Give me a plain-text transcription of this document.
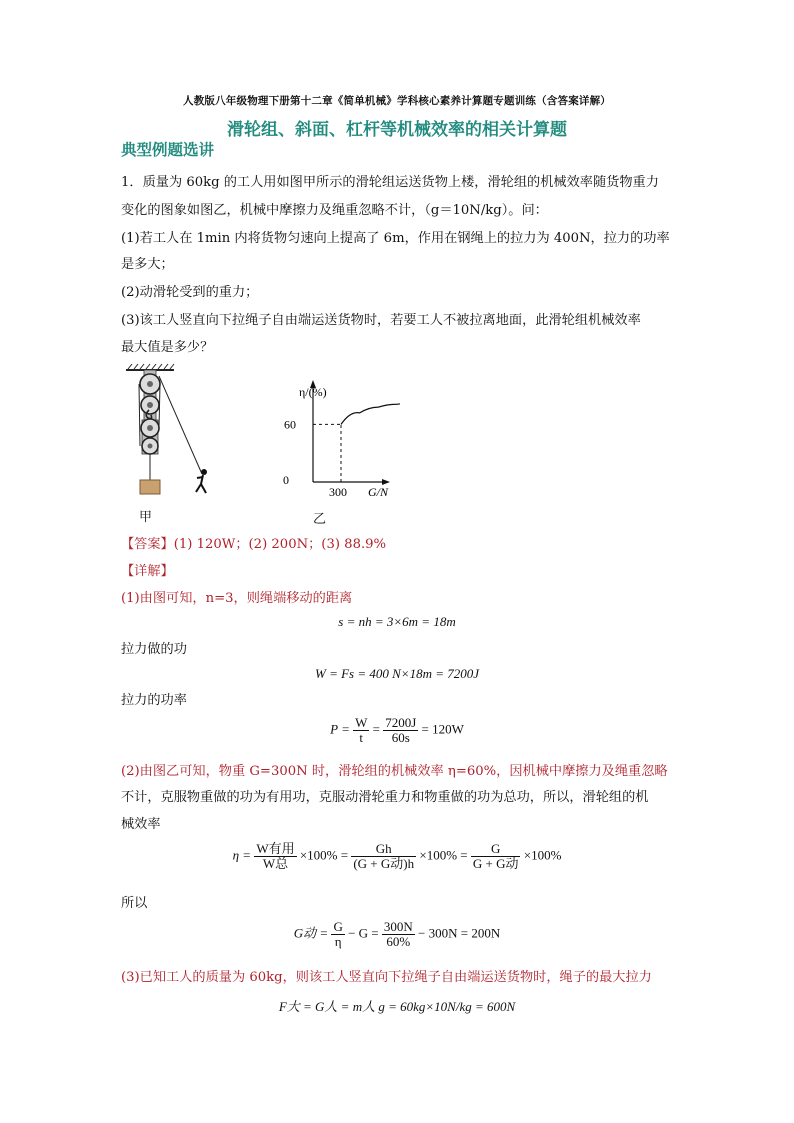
人教版八年级物理下册第十二章《简单机械》学科核心素养计算题专题训练（含答案详解）
滑轮组、斜面、杠杆等机械效率的相关计算题
典型例题选讲
1．质量为 60kg 的工人用如图甲所示的滑轮组运送货物上楼，滑轮组的机械效率随货物重力
变化的图象如图乙，机械中摩擦力及绳重忽略不计，（g＝10N/kg）。问：
(1)若工人在 1min 内将货物匀速向上提高了 6m，作用在钢绳上的拉力为 400N，拉力的功率
是多大；
(2)动滑轮受到的重力；
(3)该工人竖直向下拉绳子自由端运送货物时，若要工人不被拉离地面，此滑轮组机械效率
最大值是多少？
甲
η/(%)
G/N
0
60
300
乙
【答案】(1) 120W；(2) 200N；(3) 88.9%
【详解】
(1)由图可知，n=3，则绳端移动的距离
s = nh = 3×6m = 18m
拉力做的功
W = Fs = 400 N×18m = 7200J
拉力的功率
$P = \frac{W}{t} = \frac{7200J}{60s} = 120W$
(2)由图乙可知，物重 G=300N 时，滑轮组的机械效率 η=60%，因机械中摩擦力及绳重忽略
不计，克服物重做的功为有用功，克服动滑轮重力和物重做的功为总功，所以，滑轮组的机
械效率
$\eta = \frac{\text{W有用}}{\text{W总}} \times 100\% = \frac{Gh}{\text{(G + G动)h}} \times 100\% = \frac{G}{\text{G + G动}} \times 100\%$
所以
G动 = $\frac{G}{\eta} - G = \frac{300N}{60\%} - 300N = 200N$
(3)已知工人的质量为 60kg，则该工人竖直向下拉绳子自由端运送货物时，绳子的最大拉力
F大 = G人 = m人 g = 60kg×10N/kg = 600N
